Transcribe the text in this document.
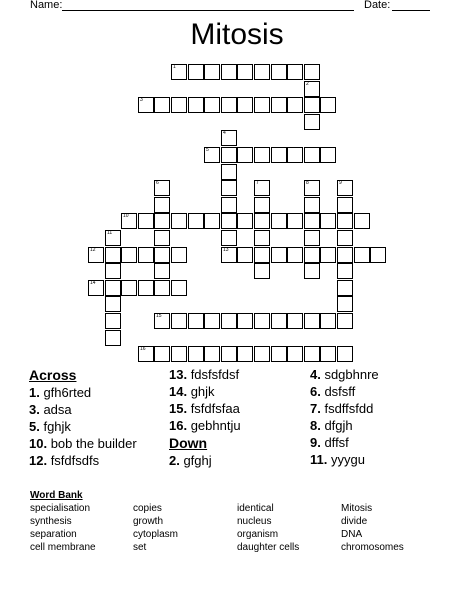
Name:	Date:
Mitosis
1
3
5
10
12	13
14
15
16
2
4
6	7	8	9
11
Across
1. gfh6rted
3. adsa
5. fghjk
10. bob the builder
12. fsfdfsdfs
13. fdsfsfdsf
14. ghjk
15. fsfdfsfaa
16. gebhntju
Down
2. gfghj
4. sdgbhnre
6. dsfsff
7. fsdffsfdd
8. dfgjh
9. dffsf
11. yyygu
Word Bank
specialisation	copies	identical	Mitosis
synthesis	growth	nucleus	divide
separation	cytoplasm	organism	DNA
cell membrane	set	daughter cells	chromosomes
